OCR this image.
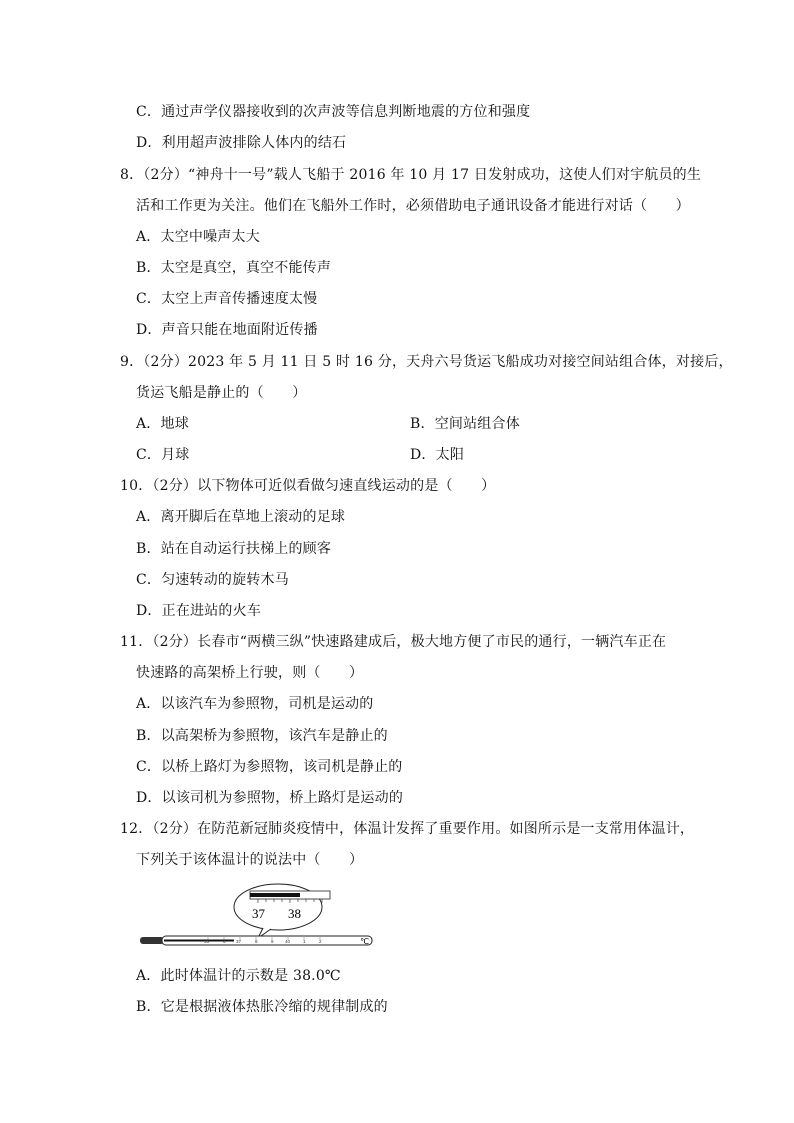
C．通过声学仪器接收到的次声波等信息判断地震的方位和强度
D．利用超声波排除人体内的结石
8．（2分）“神舟十一号”载人飞船于 2016 年 10 月 17 日发射成功，这使人们对宇航员的生
活和工作更为关注。他们在飞船外工作时，必须借助电子通讯设备才能进行对话（　　）
A．太空中噪声太大
B．太空是真空，真空不能传声
C．太空上声音传播速度太慢
D．声音只能在地面附近传播
9．（2分）2023 年 5 月 11 日 5 时 16 分，天舟六号货运飞船成功对接空间站组合体，对接后，
货运飞船是静止的（　　）
A．地球	B．空间站组合体
C．月球	D．太阳
10．（2分）以下物体可近似看做匀速直线运动的是（　　）
A．离开脚后在草地上滚动的足球
B．站在自动运行扶梯上的顾客
C．匀速转动的旋转木马
D．正在进站的火车
11．（2分）长春市“两横三纵”快速路建成后，极大地方便了市民的通行，一辆汽车正在
快速路的高架桥上行驶，则（　　）
A．以该汽车为参照物，司机是运动的
B．以高架桥为参照物，该汽车是静止的
C．以桥上路灯为参照物，该司机是静止的
D．以该司机为参照物，桥上路灯是运动的
12．（2分）在防范新冠肺炎疫情中，体温计发挥了重要作用。如图所示是一支常用体温计，
下列关于该体温计的说法中（　　）
37 38
35	6 37	8	9	40	1	2	℃
A．此时体温计的示数是 38.0℃
B．它是根据液体热胀冷缩的规律制成的
